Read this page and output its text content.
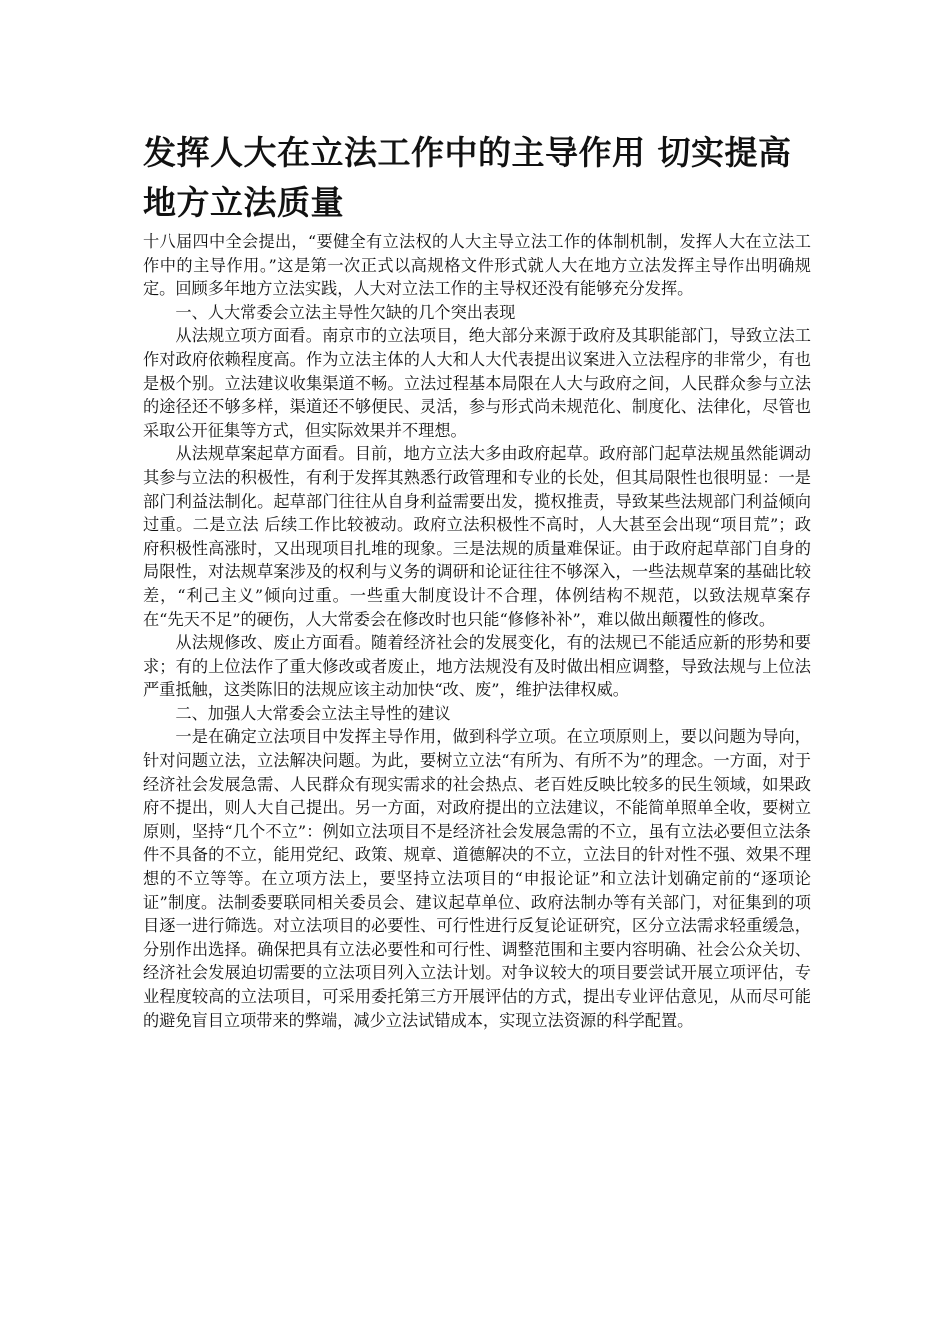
发挥人大在立法工作中的主导作用 切实提高地方立法质量

十八届四中全会提出，“要健全有立法权的人大主导立法工作的体制机制，发挥人大在立法工作中的主导作用。”这是第一次正式以高规格文件形式就人大在地方立法发挥主导作出明确规定。回顾多年地方立法实践，人大对立法工作的主导权还没有能够充分发挥。

一、人大常委会立法主导性欠缺的几个突出表现

从法规立项方面看。南京市的立法项目，绝大部分来源于政府及其职能部门，导致立法工作对政府依赖程度高。作为立法主体的人大和人大代表提出议案进入立法程序的非常少，有也是极个别。立法建议收集渠道不畅。立法过程基本局限在人大与政府之间，人民群众参与立法的途径还不够多样，渠道还不够便民、灵活，参与形式尚未规范化、制度化、法律化，尽管也采取公开征集等方式，但实际效果并不理想。

从法规草案起草方面看。目前，地方立法大多由政府起草。政府部门起草法规虽然能调动其参与立法的积极性，有利于发挥其熟悉行政管理和专业的长处，但其局限性也很明显：一是部门利益法制化。起草部门往往从自身利益需要出发，揽权推责，导致某些法规部门利益倾向过重。二是立法 后续工作比较被动。政府立法积极性不高时，人大甚至会出现“项目荒”；政府积极性高涨时，又出现项目扎堆的现象。三是法规的质量难保证。由于政府起草部门自身的局限性，对法规草案涉及的权利与义务的调研和论证往往不够深入，一些法规草案的基础比较差，“利己主义”倾向过重。一些重大制度设计不合理，体例结构不规范，以致法规草案存在“先天不足”的硬伤，人大常委会在修改时也只能“修修补补”，难以做出颠覆性的修改。

从法规修改、废止方面看。随着经济社会的发展变化，有的法规已不能适应新的形势和要求；有的上位法作了重大修改或者废止，地方法规没有及时做出相应调整，导致法规与上位法严重抵触，这类陈旧的法规应该主动加快“改、废”，维护法律权威。

二、加强人大常委会立法主导性的建议

一是在确定立法项目中发挥主导作用，做到科学立项。在立项原则上，要以问题为导向，针对问题立法，立法解决问题。为此，要树立立法“有所为、有所不为”的理念。一方面，对于经济社会发展急需、人民群众有现实需求的社会热点、老百姓反映比较多的民生领域，如果政府不提出，则人大自己提出。另一方面，对政府提出的立法建议，不能简单照单全收，要树立原则，坚持“几个不立”：例如立法项目不是经济社会发展急需的不立，虽有立法必要但立法条件不具备的不立，能用党纪、政策、规章、道德解决的不立，立法目的针对性不强、效果不理想的不立等等。在立项方法上，要坚持立法项目的“申报论证”和立法计划确定前的“逐项论证”制度。法制委要联同相关委员会、建议起草单位、政府法制办等有关部门，对征集到的项目逐一进行筛选。对立法项目的必要性、可行性进行反复论证研究，区分立法需求轻重缓急，分别作出选择。确保把具有立法必要性和可行性、调整范围和主要内容明确、社会公众关切、经济社会发展迫切需要的立法项目列入立法计划。对争议较大的项目要尝试开展立项评估，专业程度较高的立法项目，可采用委托第三方开展评估的方式，提出专业评估意见，从而尽可能的避免盲目立项带来的弊端，减少立法试错成本，实现立法资源的科学配置。
